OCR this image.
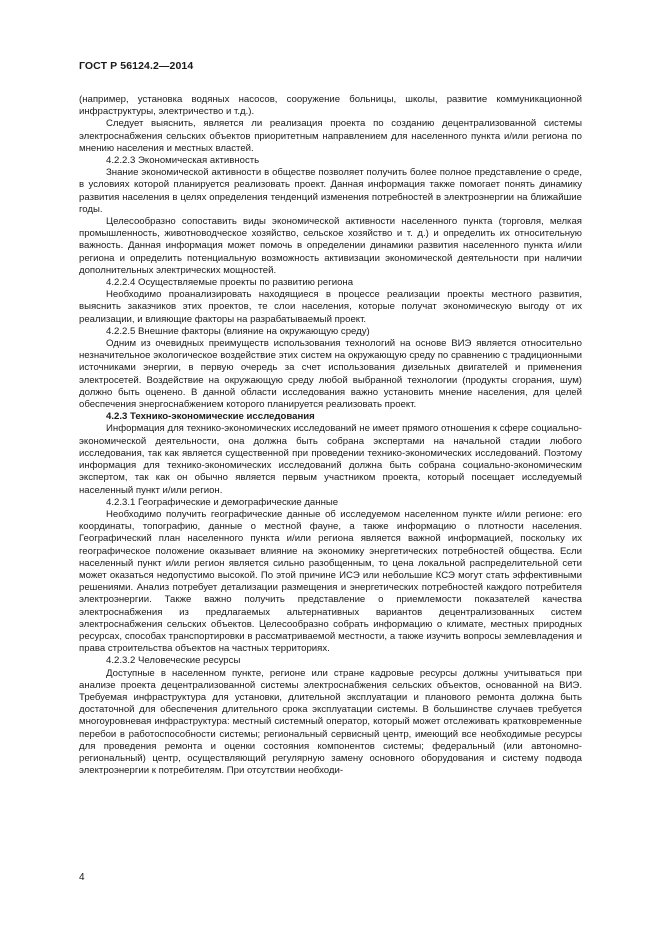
ГОСТ Р 56124.2—2014

(например, установка водяных насосов, сооружение больницы, школы, развитие коммуникационной инфраструктуры, электричество и т.д.).

Следует выяснить, является ли реализация проекта по созданию децентрализованной системы электроснабжения сельских объектов приоритетным направлением для населенного пункта и/или региона по мнению населения и местных властей.

4.2.2.3 Экономическая активность

Знание экономической активности в обществе позволяет получить более полное представление о среде, в условиях которой планируется реализовать проект. Данная информация также помогает понять динамику развития населения в целях определения тенденций изменения потребностей в электроэнергии на ближайшие годы.

Целесообразно сопоставить виды экономической активности населенного пункта (торговля, мелкая промышленность, животноводческое хозяйство, сельское хозяйство и т. д.) и определить их относительную важность. Данная информация может помочь в определении динамики развития населенного пункта и/или региона и определить потенциальную возможность активизации экономической деятельности при наличии дополнительных электрических мощностей.

4.2.2.4 Осуществляемые проекты по развитию региона

Необходимо проанализировать находящиеся в процессе реализации проекты местного развития, выяснить заказчиков этих проектов, те слои населения, которые получат экономическую выгоду от их реализации, и влияющие факторы на разрабатываемый проект.

4.2.2.5 Внешние факторы (влияние на окружающую среду)

Одним из очевидных преимуществ использования технологий на основе ВИЭ является относительно незначительное экологическое воздействие этих систем на окружающую среду по сравнению с традиционными источниками энергии, в первую очередь за счет использования дизельных двигателей и применения электросетей. Воздействие на окружающую среду любой выбранной технологии (продукты сгорания, шум) должно быть оценено. В данной области исследования важно установить мнение населения, для целей обеспечения энергоснабжением которого планируется реализовать проект.

4.2.3 Технико-экономические исследования

Информация для технико-экономических исследований не имеет прямого отношения к сфере социально-экономической деятельности, она должна быть собрана экспертами на начальной стадии любого исследования, так как является существенной при проведении технико-экономических исследований. Поэтому информация для технико-экономических исследований должна быть собрана социально-экономическим экспертом, так как он обычно является первым участником проекта, который посещает исследуемый населенный пункт и/или регион.

4.2.3.1 Географические и демографические данные

Необходимо получить географические данные об исследуемом населенном пункте и/или регионе: его координаты, топографию, данные о местной фауне, а также информацию о плотности населения. Географический план населенного пункта и/или региона является важной информацией, поскольку их географическое положение оказывает влияние на экономику энергетических потребностей общества. Если населенный пункт и/или регион является сильно разобщенным, то цена локальной распределительной сети может оказаться недопустимо высокой. По этой причине ИСЭ или небольшие КСЭ могут стать эффективными решениями. Анализ потребует детализации размещения и энергетических потребностей каждого потребителя электроэнергии. Также важно получить представление о приемлемости показателей качества электроснабжения из предлагаемых альтернативных вариантов децентрализованных систем электроснабжения сельских объектов. Целесообразно собрать информацию о климате, местных природных ресурсах, способах транспортировки в рассматриваемой местности, а также изучить вопросы землевладения и права строительства объектов на частных территориях.

4.2.3.2 Человеческие ресурсы

Доступные в населенном пункте, регионе или стране кадровые ресурсы должны учитываться при анализе проекта децентрализованной системы электроснабжения сельских объектов, основанной на ВИЭ. Требуемая инфраструктура для установки, длительной эксплуатации и планового ремонта должна быть достаточной для обеспечения длительного срока эксплуатации системы. В большинстве случаев требуется многоуровневая инфраструктура: местный системный оператор, который может отслеживать кратковременные перебои в работоспособности системы; региональный сервисный центр, имеющий все необходимые ресурсы для проведения ремонта и оценки состояния компонентов системы; федеральный (или автономно-региональный) центр, осуществляющий регулярную замену основного оборудования и систему подвода электроэнергии к потребителям. При отсутствии необходи-

4
